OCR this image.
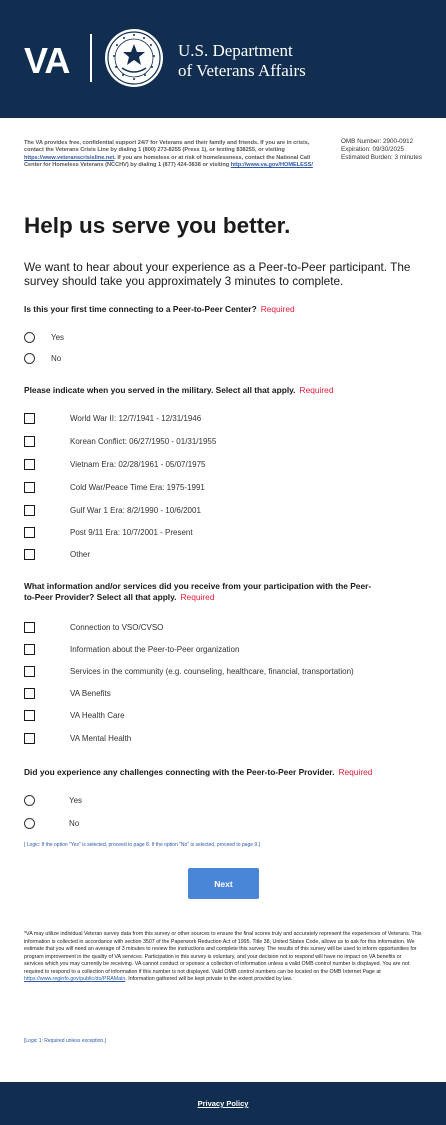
VA	U.S. Department
of Veterans Affairs
The VA provides free, confidential support 24/7 for Veterans and their family and friends. If you are in crisis, contact the Veterans Crisis Line by dialing 1 (800) 273-8255 (Press 1), or texting 838255, or visiting https://www.veteranscrisisline.net. If you are homeless or at risk of homelessness, contact the National Call Center for Homeless Veterans (NCCHV) by dialing 1 (877) 424-3838 or visiting http://www.va.gov/HOMELESS/
OMB Number: 2900-0912
Expiration: 09/30/2025
Estimated Burden: 3 minutes
Help us serve you better.
We want to hear about your experience as a Peer-to-Peer participant. The survey should take you approximately 3 minutes to complete.
Is this your first time connecting to a Peer-to-Peer Center? Required
Yes
No
Please indicate when you served in the military. Select all that apply. Required
World War II: 12/7/1941 - 12/31/1946
Korean Conflict: 06/27/1950 - 01/31/1955
Vietnam Era: 02/28/1961 - 05/07/1975
Cold War/Peace Time Era: 1975-1991
Gulf War 1 Era: 8/2/1990 - 10/6/2001
Post 9/11 Era: 10/7/2001 - Present
Other
What information and/or services did you receive from your participation with the Peer-
to-Peer Provider? Select all that apply. Required
Connection to VSO/CVSO
Information about the Peer-to-Peer organization
Services in the community (e.g. counseling, healthcare, financial, transportation)
VA Benefits
VA Health Care
VA Mental Health
Did you experience any challenges connecting with the Peer-to-Peer Provider. Required
Yes
No
[ Logic: If the option "Yes" is selected, proceed to page 8. If the option "No" is selected, proceed to page 9.]
Next
*VA may utilize individual Veteran survey data from this survey or other sources to ensure the final scores truly and accurately represent the experiences of Veterans. This information is collected in accordance with section 3507 of the Paperwork Reduction Act of 1995. Title 38, United States Code, allows us to ask for this information. We estimate that you will need an average of 3 minutes to review the instructions and complete this survey. The results of this survey will be used to inform opportunities for program improvement in the quality of VA services. Participation in this survey is voluntary, and your decision not to respond will have no impact on VA benefits or services which you may currently be receiving. VA cannot conduct or sponsor a collection of information unless a valid OMB control number is displayed. You are not required to respond to a collection of information if this number is not displayed. Valid OMB control numbers can be located on the OMB Internet Page at https://www.reginfo.gov/public/do/PRAMain. Information gathered will be kept private to the extent provided by law.
[Logic 1: Required unless exception.]
Privacy Policy
